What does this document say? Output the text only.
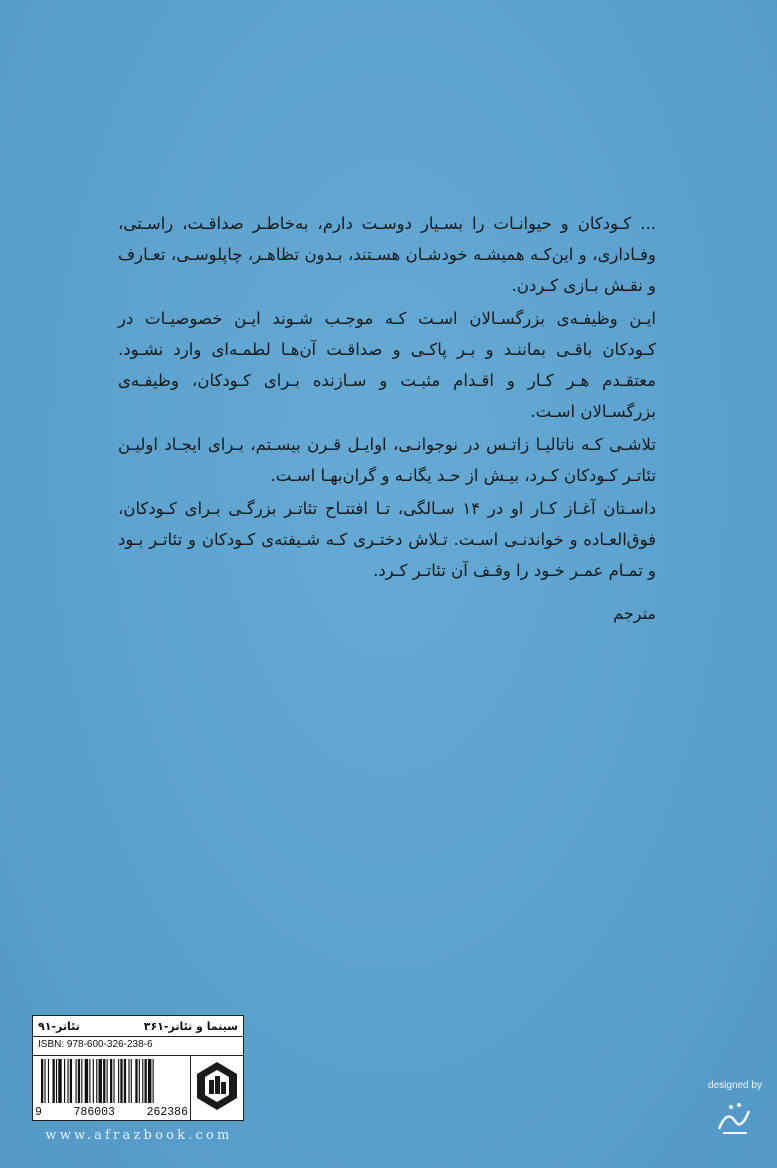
... کـودکان و حیوانـات را بسـیار دوسـت دارم، به‌خاطـر صداقـت، راسـتی، وفـاداری، و این‌کـه همیشـه خودشـان هسـتند، بـدون تظاهـر، چاپلوسـی، تعـارف و نقـش بـازی کـردن.

ایـن وظیفـه‌ی بزرگسـالان اسـت کـه موجـب شـوند ایـن خصوصیـات در کـودکان باقـی بماننـد و بـر پاکـی و صداقـت آن‌هـا لطمـه‌ای وارد نشـود. معتقـدم هـر کـار و اقـدام مثبـت و سـازنده بـرای کـودکان، وظیفـه‌ی بزرگسـالان اسـت.

تلاشـی کـه ناتالیـا زاتـس در نوجوانـی، اوایـل قـرن بیسـتم، بـرای ایجـاد اولیـن تئاتـر کـودکان کـرد، بیـش از حـد یگانـه و گران‌بهـا اسـت.

داسـتان آغـاز کـار او در ۱۴ سـالگی، تـا افتتـاح تئاتـر بزرگـی بـرای کـودکان، فوق‌العـاده و خواندنـی اسـت. تـلاش دختـری کـه شـیفته‌ی کـودکان و تئاتـر بـود و تمـام عمـر خـود را وقـف آن تئاتـر کـرد.

مترجم

سینما و تئاتر-۳۶۱
تئاتر-۹۱
ISBN: 978-600-326-238-6
9	786003	262386
www.afrazbook.com
designed by
